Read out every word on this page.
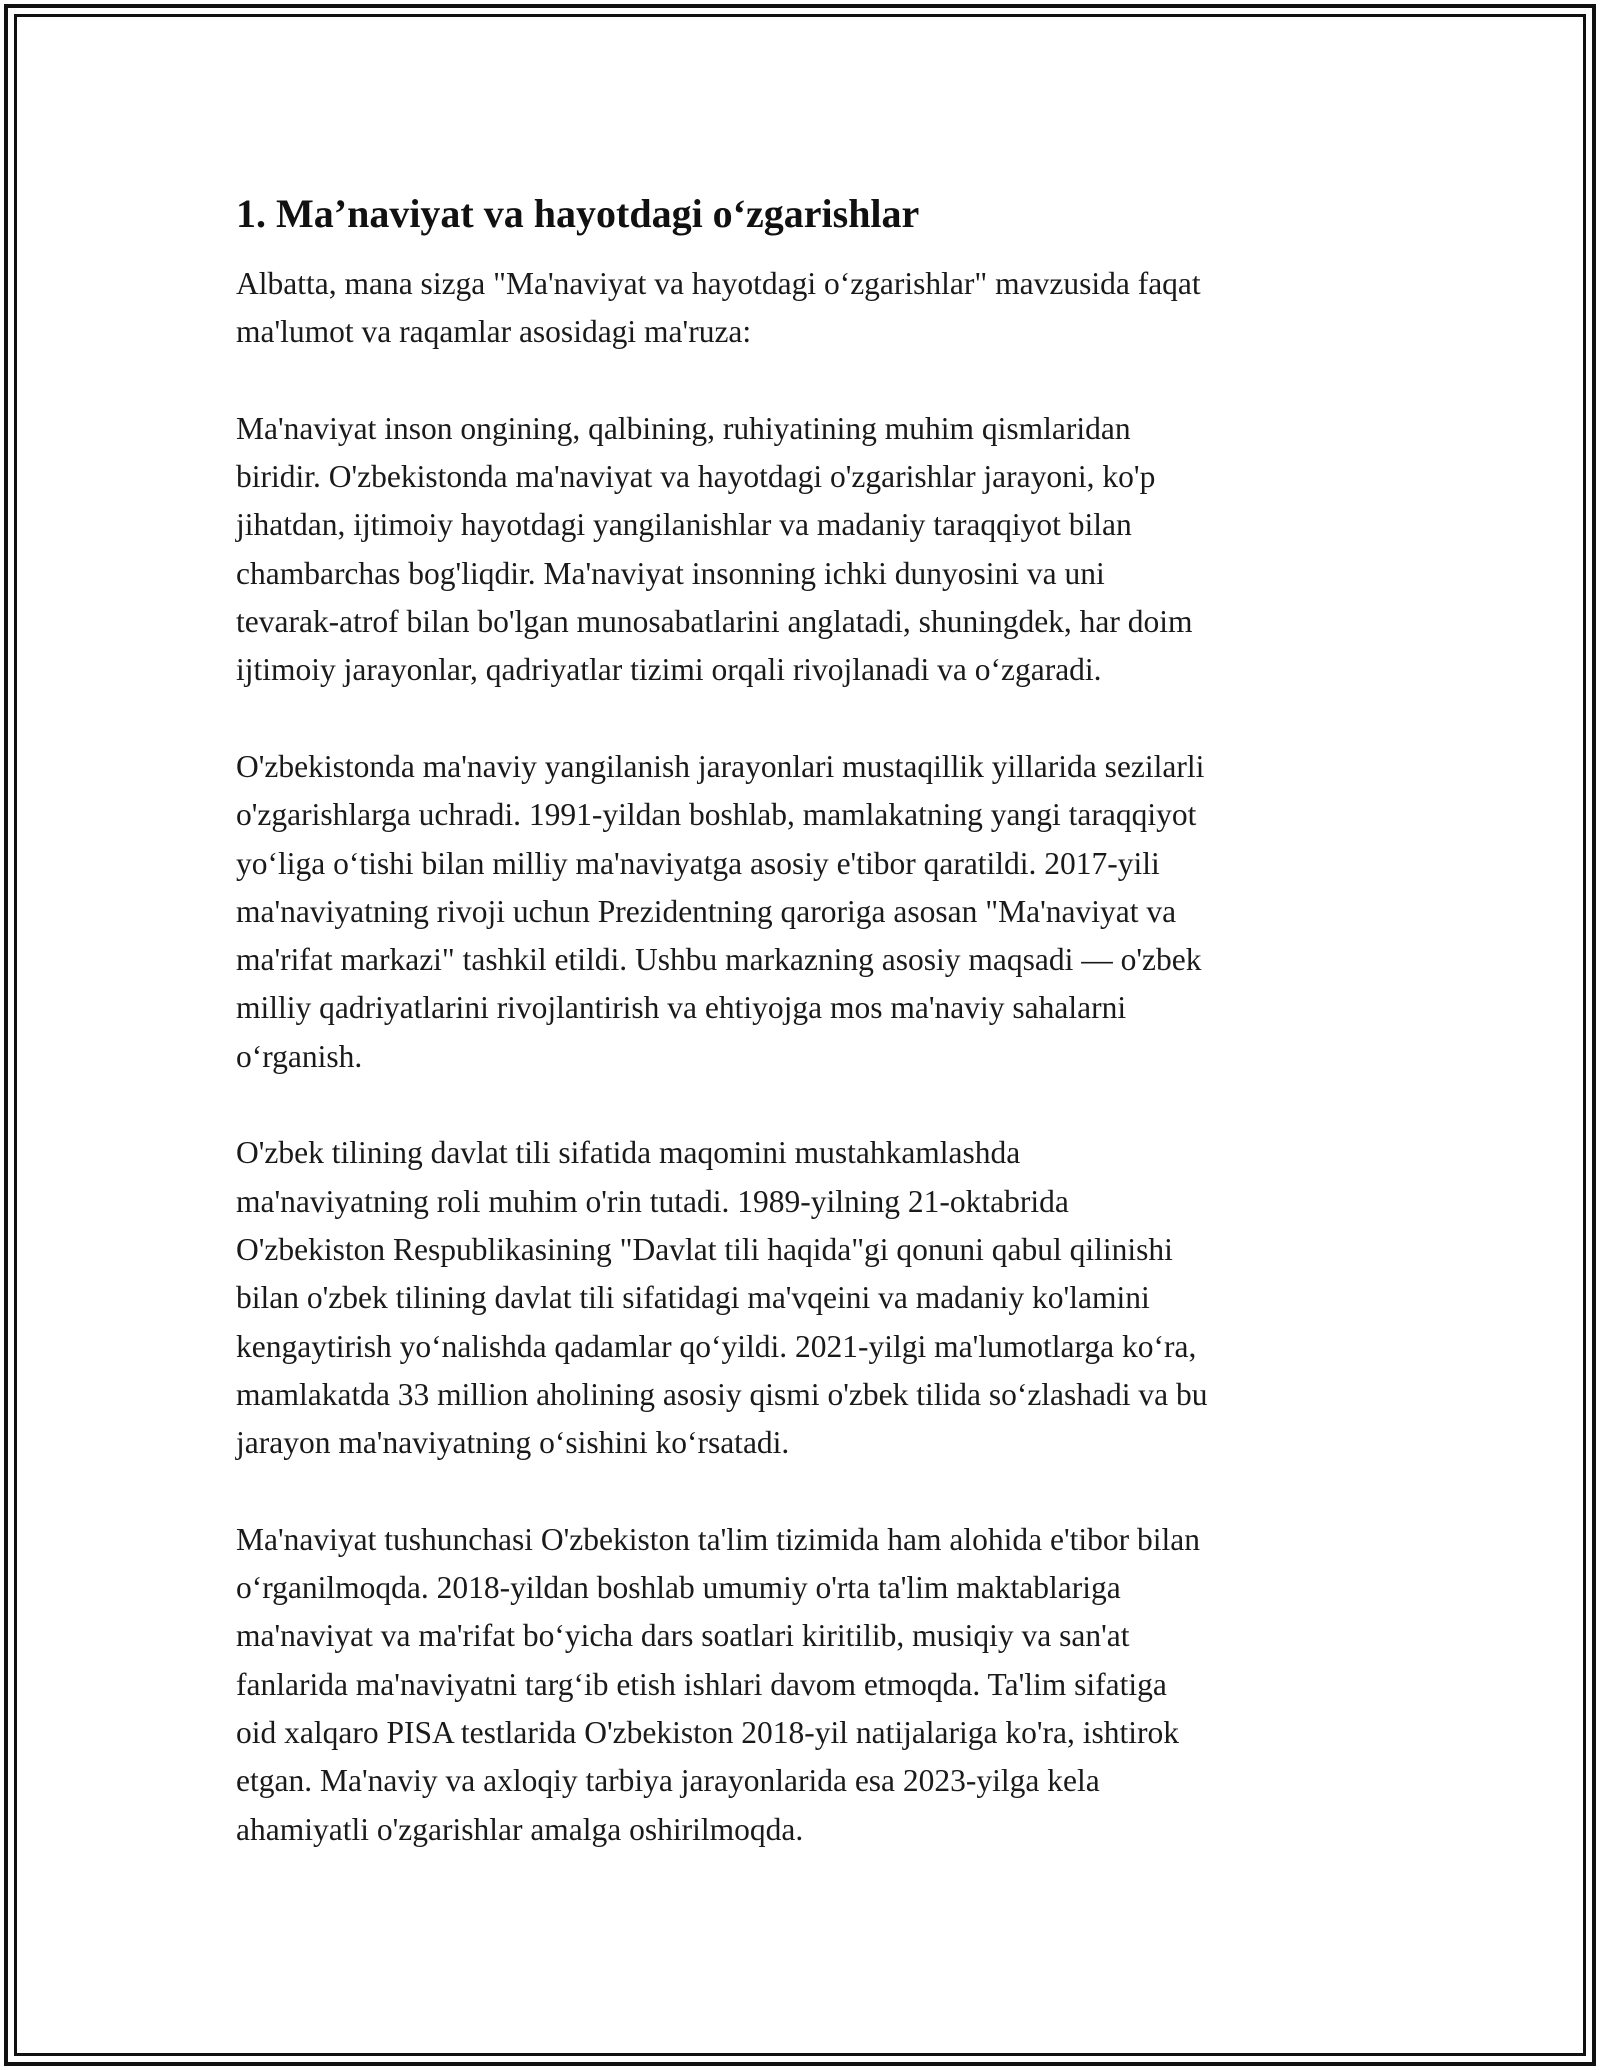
1. Ma’naviyat va hayotdagi o‘zgarishlar

Albatta, mana sizga "Ma'naviyat va hayotdagi o‘zgarishlar" mavzusida faqat
ma'lumot va raqamlar asosidagi ma'ruza:

Ma'naviyat inson ongining, qalbining, ruhiyatining muhim qismlaridan
biridir. O'zbekistonda ma'naviyat va hayotdagi o'zgarishlar jarayoni, ko'p
jihatdan, ijtimoiy hayotdagi yangilanishlar va madaniy taraqqiyot bilan
chambarchas bog'liqdir. Ma'naviyat insonning ichki dunyosini va uni
tevarak-atrof bilan bo'lgan munosabatlarini anglatadi, shuningdek, har doim
ijtimoiy jarayonlar, qadriyatlar tizimi orqali rivojlanadi va o‘zgaradi.

O'zbekistonda ma'naviy yangilanish jarayonlari mustaqillik yillarida sezilarli
o'zgarishlarga uchradi. 1991-yildan boshlab, mamlakatning yangi taraqqiyot
yo‘liga o‘tishi bilan milliy ma'naviyatga asosiy e'tibor qaratildi. 2017-yili
ma'naviyatning rivoji uchun Prezidentning qaroriga asosan "Ma'naviyat va
ma'rifat markazi" tashkil etildi. Ushbu markazning asosiy maqsadi — o'zbek
milliy qadriyatlarini rivojlantirish va ehtiyojga mos ma'naviy sahalarni
o‘rganish.

O'zbek tilining davlat tili sifatida maqomini mustahkamlashda
ma'naviyatning roli muhim o'rin tutadi. 1989-yilning 21-oktabrida
O'zbekiston Respublikasining "Davlat tili haqida"gi qonuni qabul qilinishi
bilan o'zbek tilining davlat tili sifatidagi ma'vqeini va madaniy ko'lamini
kengaytirish yo‘nalishda qadamlar qo‘yildi. 2021-yilgi ma'lumotlarga ko‘ra,
mamlakatda 33 million aholining asosiy qismi o'zbek tilida so‘zlashadi va bu
jarayon ma'naviyatning o‘sishini ko‘rsatadi.

Ma'naviyat tushunchasi O'zbekiston ta'lim tizimida ham alohida e'tibor bilan
o‘rganilmoqda. 2018-yildan boshlab umumiy o'rta ta'lim maktablariga
ma'naviyat va ma'rifat bo‘yicha dars soatlari kiritilib, musiqiy va san'at
fanlarida ma'naviyatni targ‘ib etish ishlari davom etmoqda. Ta'lim sifatiga
oid xalqaro PISA testlarida O'zbekiston 2018-yil natijalariga ko'ra, ishtirok
etgan. Ma'naviy va axloqiy tarbiya jarayonlarida esa 2023-yilga kela
ahamiyatli o'zgarishlar amalga oshirilmoqda.
